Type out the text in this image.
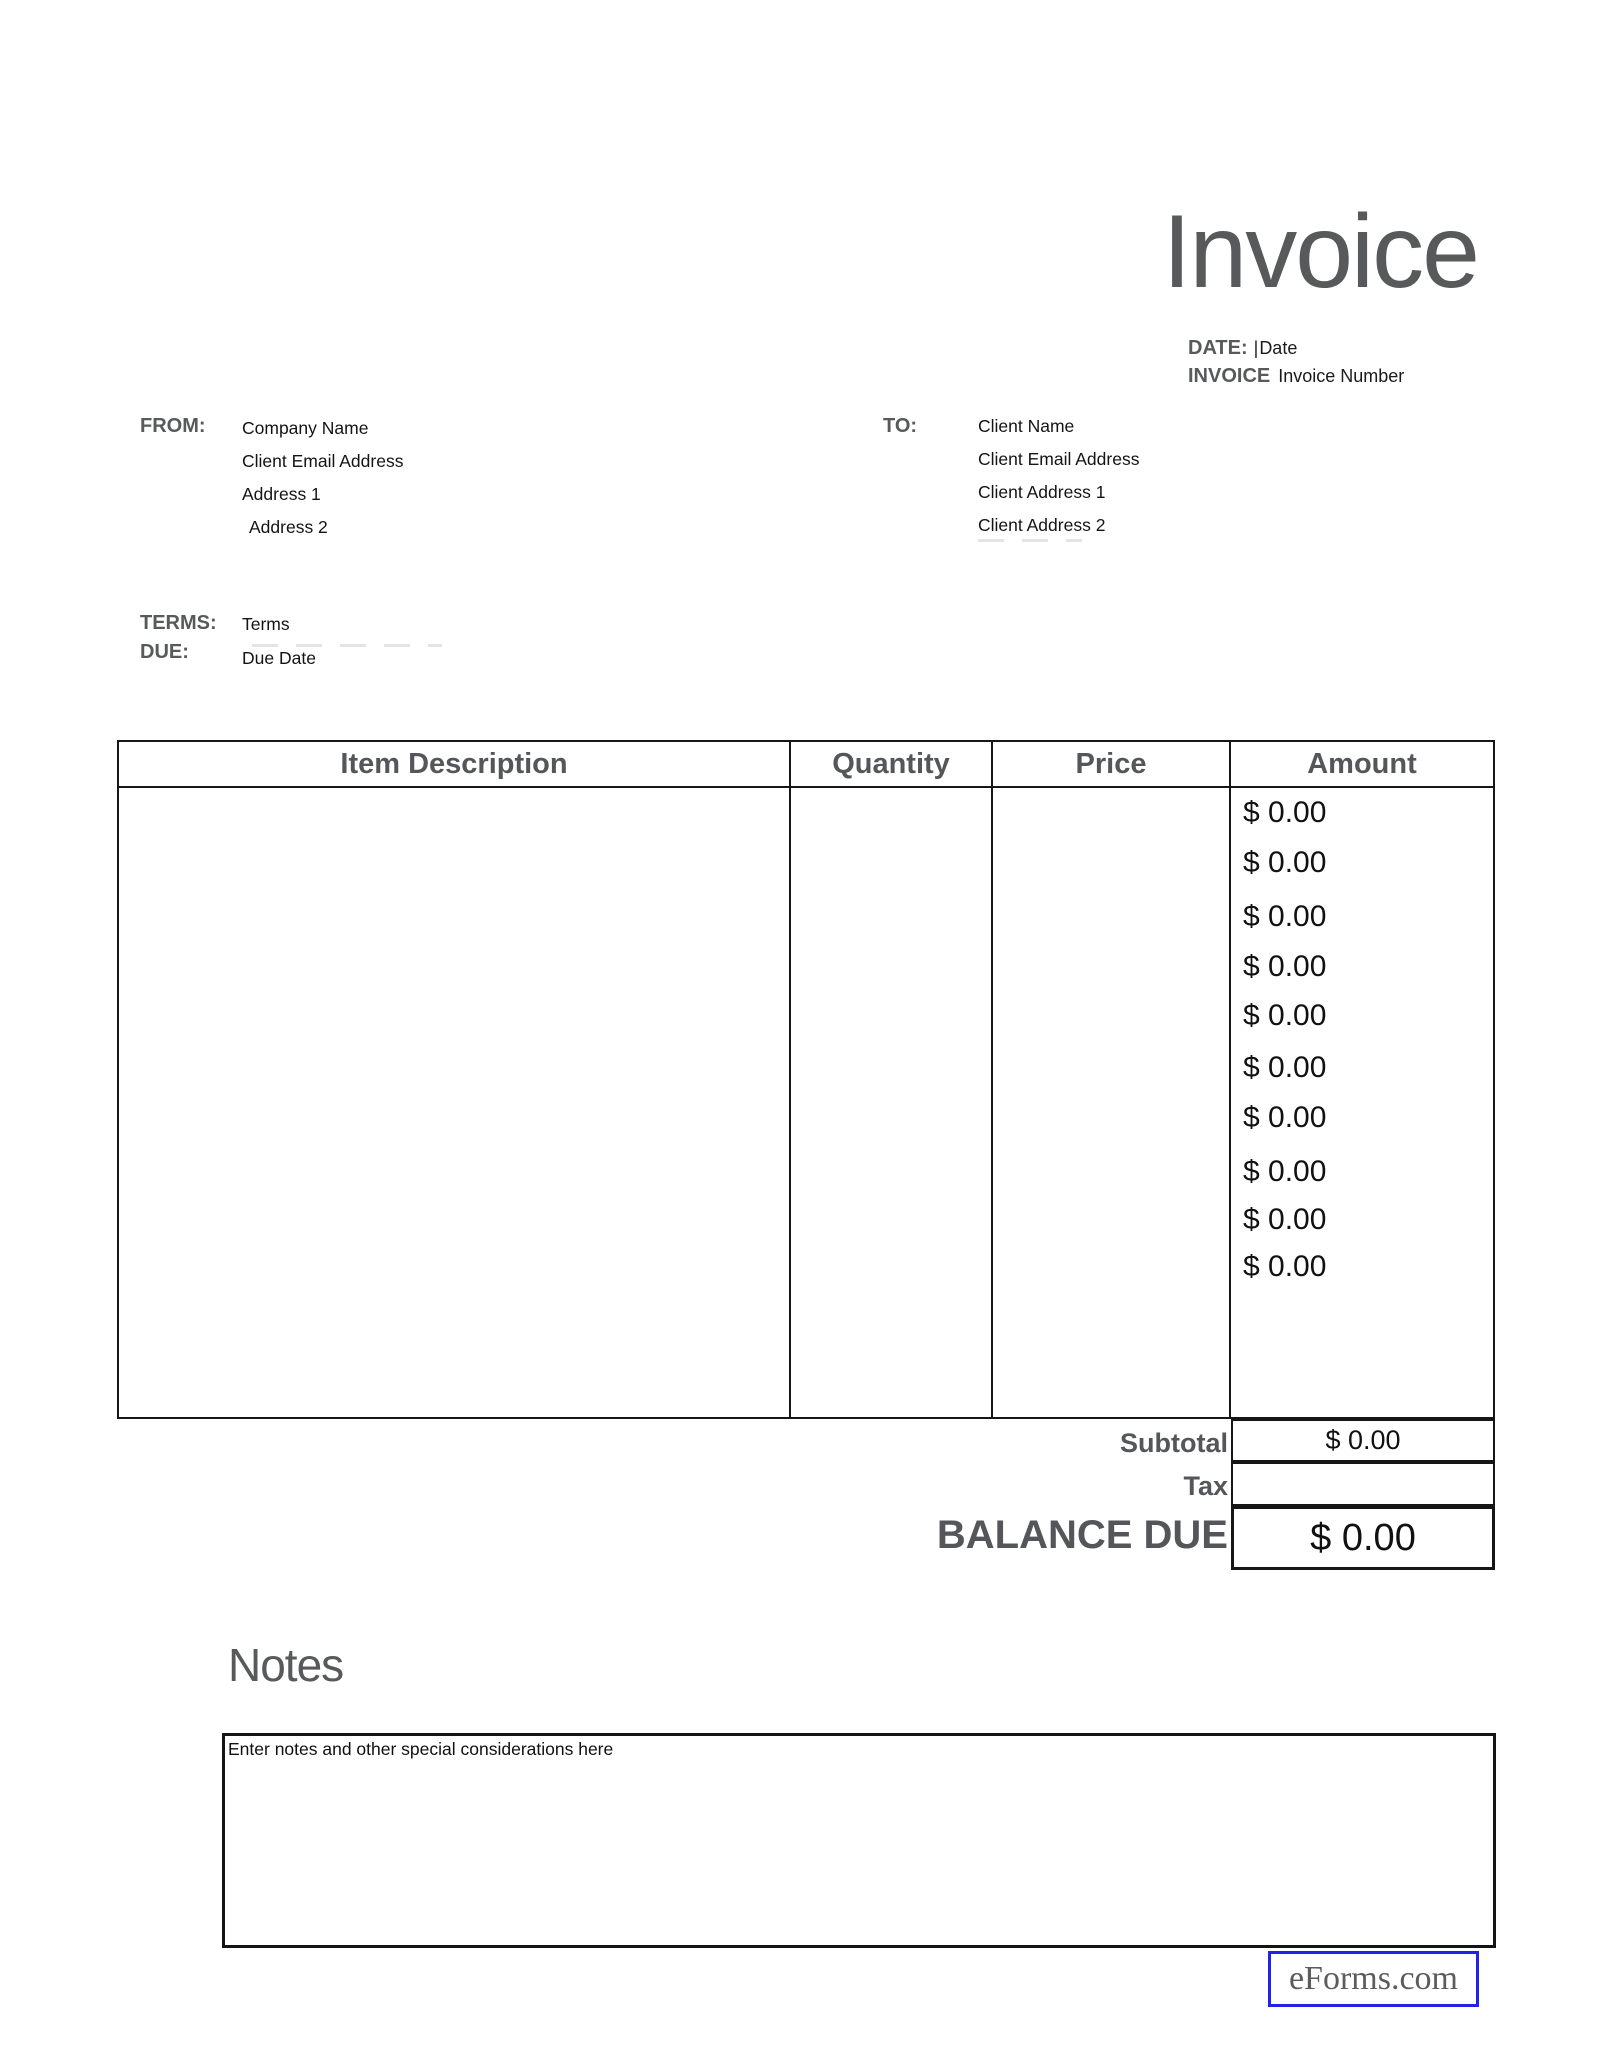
Invoice
DATE: |Date
INVOICE Invoice Number
FROM: Company Name
Client Email Address
Address 1
Address 2
TO:	Client Name
Client Email Address
Client Address 1
Client Address 2
TERMS: Terms
DUE:	Due Date
Item Description	Quantity	Price	Amount
$ 0.00
$ 0.00
$ 0.00
$ 0.00
$ 0.00
$ 0.00
$ 0.00
$ 0.00
$ 0.00
$ 0.00
Subtotal	$ 0.00
Tax
BALANCE DUE	$ 0.00
Notes
Enter notes and other special considerations here
eForms.com
